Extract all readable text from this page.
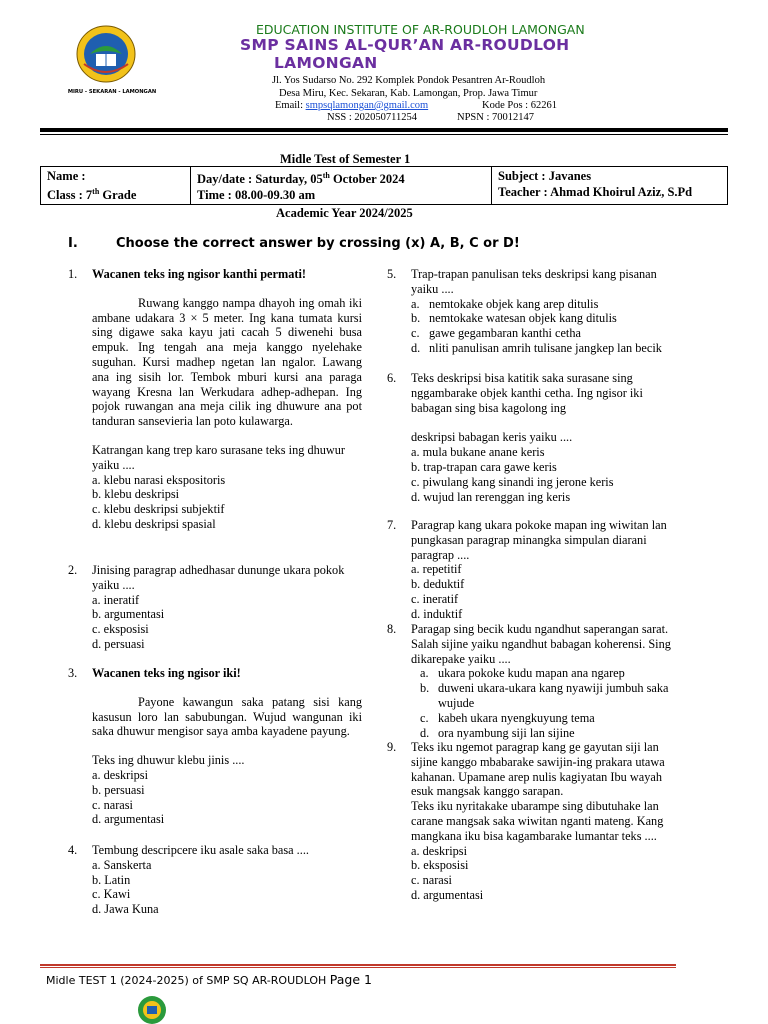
MIRU - SEKARAN - LAMONGAN
EDUCATION INSTITUTE OF AR-ROUDLOH LAMONGAN
SMP SAINS AL-QUR’AN AR-ROUDLOH
LAMONGAN
Jl. Yos Sudarso No. 292 Komplek Pondok Pesantren Ar-Roudloh
Desa Miru, Kec. Sekaran, Kab. Lamongan, Prop. Jawa Timur
Email: smpsqlamongan@gmail.com	Kode Pos : 62261
NSS : 202050711254	NPSN : 70012147
Midle Test of Semester 1
Name :
Class : 7th Grade

Day/date : Saturday, 05th October 2024
Time : 08.00-09.30 am

Subject : Javanes
Teacher : Ahmad Khoirul Aziz, S.Pd
Academic Year 2024/2025
I.	Choose the correct answer by crossing (x) A, B, C or D!
1. Wacanen teks ing ngisor kanthi permati!

Ruwang kanggo nampa dhayoh ing omah iki ambane udakara 3 × 5 meter. Ing kana tumata kursi sing digawe saka kayu jati cacah 5 diwenehi busa empuk. Ing tengah ana meja kanggo nyelehake suguhan. Kursi madhep ngetan lan ngalor. Lawang ana ing sisih lor. Tembok mburi kursi ana paraga wayang Kresna lan Werkudara adhep-adhepan. Ing pojok ruwangan ana meja cilik ing dhuwure ana pot tanduran sansevieria lan poto kulawarga.

Katrangan kang trep karo surasane teks ing dhuwur yaiku ....

a. klebu narasi ekspositoris

b. klebu deskripsi

c. klebu deskripsi subjektif

d. klebu deskripsi spasial

2. Jinising paragrap adhedhasar dununge ukara pokok yaiku ....

a. ineratif

b. argumentasi

c. eksposisi

d. persuasi

3. Wacanen teks ing ngisor iki!

Payone kawangun saka patang sisi kang kasusun loro lan sabubungan. Wujud wangunan iki saka dhuwur mengisor saya amba kayadene payung.

Teks ing dhuwur klebu jinis ....

a. deskripsi

b. persuasi

c. narasi

d. argumentasi

4. Tembung descripcere iku asale saka basa ....

a. Sanskerta

b. Latin

c. Kawi

d. Jawa Kuna

5. Trap-trapan panulisan teks deskripsi kang pisanan yaiku ....

a. nemtokake objek kang arep ditulis
b. nemtokake watesan objek kang ditulis
c. gawe gegambaran kanthi cetha
d. nliti panulisan amrih tulisane jangkep lan becik
6. Teks deskripsi bisa katitik saka surasane sing nggambarake objek kanthi cetha. Ing ngisor iki babagan sing bisa kagolong ing

deskripsi babagan keris yaiku ....

a. mula bukane anane keris

b. trap-trapan cara gawe keris

c. piwulang kang sinandi ing jerone keris

d. wujud lan rerenggan ing keris

7. Paragrap kang ukara pokoke mapan ing wiwitan lan pungkasan paragrap minangka simpulan diarani paragrap ....

a. repetitif

b. deduktif

c. ineratif

d. induktif

8. Paragap sing becik kudu ngandhut saperangan sarat. Salah sijine yaiku ngandhut babagan koherensi. Sing dikarepake yaiku ....

a. ukara pokoke kudu mapan ana ngarep
b. duweni ukara-ukara kang nyawiji jumbuh saka wujude
c. kabeh ukara nyengkuyung tema
d. ora nyambung siji lan sijine
9. Teks iku ngemot paragrap kang ge gayutan siji lan sijine kanggo mbabarake sawijin-ing prakara utawa kahanan. Upamane arep nulis kagiyatan Ibu wayah esuk mangsak kanggo sarapan.

Teks iku nyritakake ubarampe sing dibutuhake lan carane mangsak saka wiwitan nganti mateng. Kang mangkana iku bisa kagambarake lumantar teks ....

a. deskripsi

b. eksposisi

c. narasi

d. argumentasi

Midle TEST 1 (2024-2025) of SMP SQ AR-ROUDLOH Page 1
